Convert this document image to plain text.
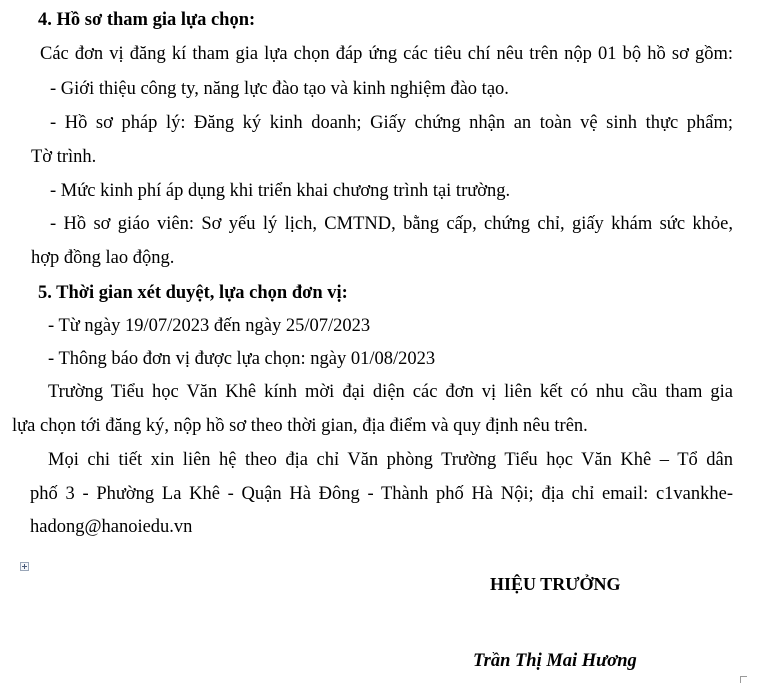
4. Hồ sơ tham gia lựa chọn:
Các đơn vị đăng kí tham gia lựa chọn đáp ứng các tiêu chí nêu trên nộp 01 bộ hồ sơ gồm:
- Giới thiệu công ty, năng lực đào tạo và kinh nghiệm đào tạo.
- Hồ sơ pháp lý: Đăng ký kinh doanh; Giấy chứng nhận an toàn vệ sinh thực phẩm;
Tờ trình.
- Mức kinh phí áp dụng khi triển khai chương trình tại trường.
- Hồ sơ giáo viên: Sơ yếu lý lịch, CMTND, bằng cấp, chứng chỉ, giấy khám sức khỏe,
hợp đồng lao động.
5. Thời gian xét duyệt, lựa chọn đơn vị:
- Từ ngày 19/07/2023 đến ngày 25/07/2023
- Thông báo đơn vị được lựa chọn: ngày 01/08/2023
Trường Tiểu học Văn Khê kính mời đại diện các đơn vị liên kết có nhu cầu tham gia
lựa chọn tới đăng ký, nộp hồ sơ theo thời gian, địa điểm và quy định nêu trên.
Mọi chi tiết xin liên hệ theo địa chỉ Văn phòng Trường Tiểu học Văn Khê – Tổ dân
phố 3 - Phường La Khê - Quận Hà Đông - Thành phố Hà Nội; địa chỉ email: c1vankhe-
hadong@hanoiedu.vn
HIỆU TRƯỞNG
Trần Thị Mai Hương
